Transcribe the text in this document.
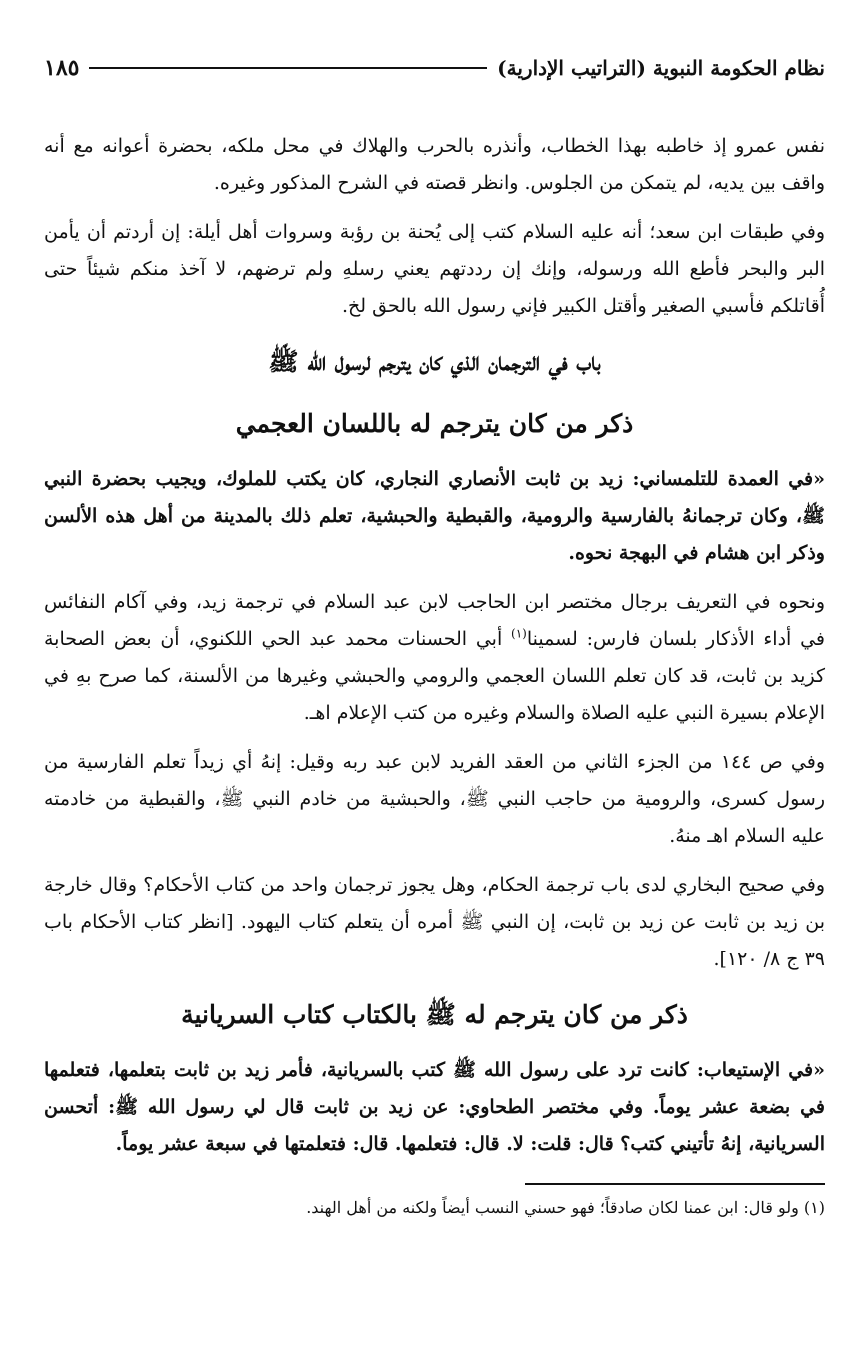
نظام الحكومة النبوية (التراتيب الإدارية)
١٨٥

نفس عمرو إذ خاطبه بهذا الخطاب، وأنذره بالحرب والهلاك في محل ملكه، بحضرة أعوانه مع أنه واقف بين يديه، لم يتمكن من الجلوس. وانظر قصته في الشرح المذكور وغيره.

وفي طبقات ابن سعد؛ أنه عليه السلام كتب إلى يُحنة بن رؤبة وسروات أهل أيلة: إن أردتم أن يأمن البر والبحر فأطع الله ورسوله، وإنك إن رددتهم يعني رسلهِ ولم ترضهم، لا آخذ منكم شيئاً حتى أُقاتلكم فأسبي الصغير وأقتل الكبير فإني رسول الله بالحق لخ.

باب في الترجمان الذي كان يترجم لرسول الله ﷺ
ذكر من كان يترجم له باللسان العجمي

«في العمدة للتلمساني: زيد بن ثابت الأنصاري النجاري، كان يكتب للملوك، ويجيب بحضرة النبي ﷺ، وكان ترجمانهُ بالفارسية والرومية، والقبطية والحبشية، تعلم ذلك بالمدينة من أهل هذه الألسن وذكر ابن هشام في البهجة نحوه.

ونحوه في التعريف برجال مختصر ابن الحاجب لابن عبد السلام في ترجمة زيد، وفي آكام النفائس في أداء الأذكار بلسان فارس: لسمينا$^{(١)}$ أبي الحسنات محمد عبد الحي اللكنوي، أن بعض الصحابة كزيد بن ثابت، قد كان تعلم اللسان العجمي والرومي والحبشي وغيرها من الألسنة، كما صرح بهِ في الإعلام بسيرة النبي عليه الصلاة والسلام وغيره من كتب الإعلام اهـ.

وفي ص ١٤٤ من الجزء الثاني من العقد الفريد لابن عبد ربه وقيل: إنهُ أي زيداً تعلم الفارسية من رسول كسرى، والرومية من حاجب النبي ﷺ، والحبشية من خادم النبي ﷺ، والقبطية من خادمته عليه السلام اهـ منهُ.

وفي صحيح البخاري لدى باب ترجمة الحكام، وهل يجوز ترجمان واحد من كتاب الأحكام؟ وقال خارجة بن زيد بن ثابت عن زيد بن ثابت، إن النبي ﷺ أمره أن يتعلم كتاب اليهود. [انظر كتاب الأحكام باب ٣٩ ج ٨/ ١٢٠].

ذكر من كان يترجم له ﷺ بالكتاب كتاب السريانية

«في الإستيعاب: كانت ترد على رسول الله ﷺ كتب بالسريانية، فأمر زيد بن ثابت بتعلمها، فتعلمها في بضعة عشر يوماً. وفي مختصر الطحاوي: عن زيد بن ثابت قال لي رسول الله ﷺ: أتحسن السريانية، إنهُ تأتيني كتب؟ قال: قلت: لا. قال: فتعلمها. قال: فتعلمتها في سبعة عشر يوماً.

(١) ولو قال: ابن عمنا لكان صادقاً؛ فهو حسني النسب أيضاً ولكنه من أهل الهند.
